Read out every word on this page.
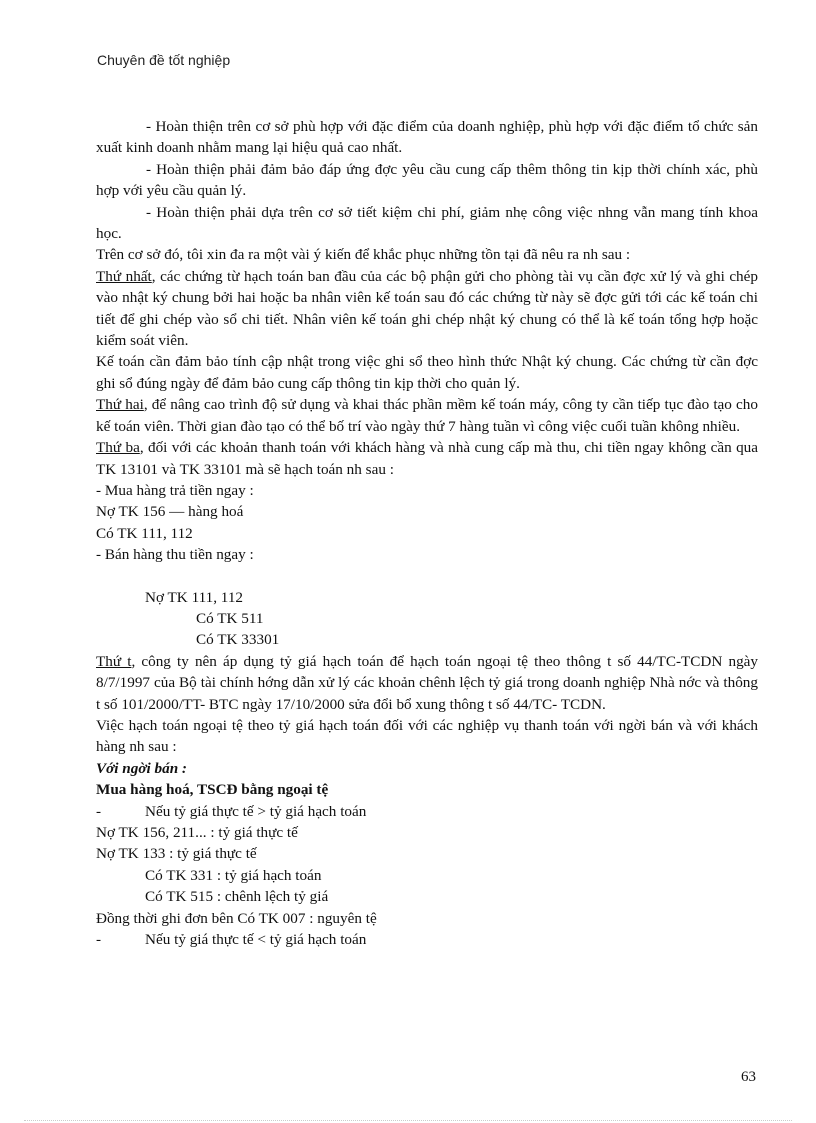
Chuyên đề tốt nghiệp

- Hoàn thiện trên cơ sở phù hợp với đặc điểm của doanh nghiệp, phù hợp với đặc điểm tổ chức sản xuất kinh doanh nhằm mang lại hiệu quả cao nhất.

- Hoàn thiện phải đảm bảo đáp ứng đợc yêu cầu cung cấp thêm thông tin kịp thời chính xác, phù hợp với yêu cầu quản lý.

- Hoàn thiện phải dựa trên cơ sở tiết kiệm chi phí, giảm nhẹ công việc nhng vẫn mang tính khoa học.

Trên cơ sở đó, tôi xin đa ra một vài ý kiến để khắc phục những tồn tại đã nêu ra nh sau :

Thứ nhất, các chứng từ hạch toán ban đầu của các bộ phận gửi cho phòng tài vụ cần đợc xử lý và ghi chép vào nhật ký chung bởi hai hoặc ba nhân viên kế toán sau đó các chứng từ này sẽ đợc gửi tới các kế toán chi tiết để ghi chép vào sổ chi tiết. Nhân viên kế toán ghi chép nhật ký chung có thể là kế toán tổng hợp hoặc kiểm soát viên.

Kế toán cần đảm bảo tính cập nhật trong việc ghi sổ theo hình thức Nhật ký chung. Các chứng từ cần đợc ghi sổ đúng ngày để đảm bảo cung cấp thông tin kịp thời cho quản lý.

Thứ hai, để nâng cao trình độ sử dụng và khai thác phần mềm kế toán máy, công ty cần tiếp tục đào tạo cho kế toán viên. Thời gian đào tạo có thể bố trí vào ngày thứ 7 hàng tuần vì công việc cuối tuần không nhiều.

Thứ ba, đối với các khoản thanh toán với khách hàng và nhà cung cấp mà thu, chi tiền ngay không cần qua TK 13101 và TK 33101 mà sẽ hạch toán nh sau :

- Mua hàng trả tiền ngay :

Nợ TK 156 — hàng hoá

Có TK 111, 112

- Bán hàng thu tiền ngay :

Nợ TK 111, 112

Có TK 511

Có TK 33301

Thứ t, công ty nên áp dụng tỷ giá hạch toán để hạch toán ngoại tệ theo thông t số 44/TC-TCDN ngày 8/7/1997 của Bộ tài chính hớng dẫn xử lý các khoản chênh lệch tỷ giá trong doanh nghiệp Nhà nớc và thông t số 101/2000/TT- BTC ngày 17/10/2000 sửa đổi bổ xung thông t số 44/TC- TCDN.

Việc hạch toán ngoại tệ theo tỷ giá hạch toán đối với các nghiệp vụ thanh toán với ngời bán và với khách hàng nh sau :

Với ngời bán :

Mua hàng hoá, TSCĐ bằng ngoại tệ

-	Nếu tỷ giá thực tế > tỷ giá hạch toán

Nợ TK 156, 211... : tỷ giá thực tế

Nợ TK 133 : tỷ giá thực tế

Có TK 331 : tỷ giá hạch toán

Có TK 515 : chênh lệch tỷ giá

Đồng thời ghi đơn bên Có TK 007 : nguyên tệ

-	Nếu tỷ giá thực tế < tỷ giá hạch toán
63
